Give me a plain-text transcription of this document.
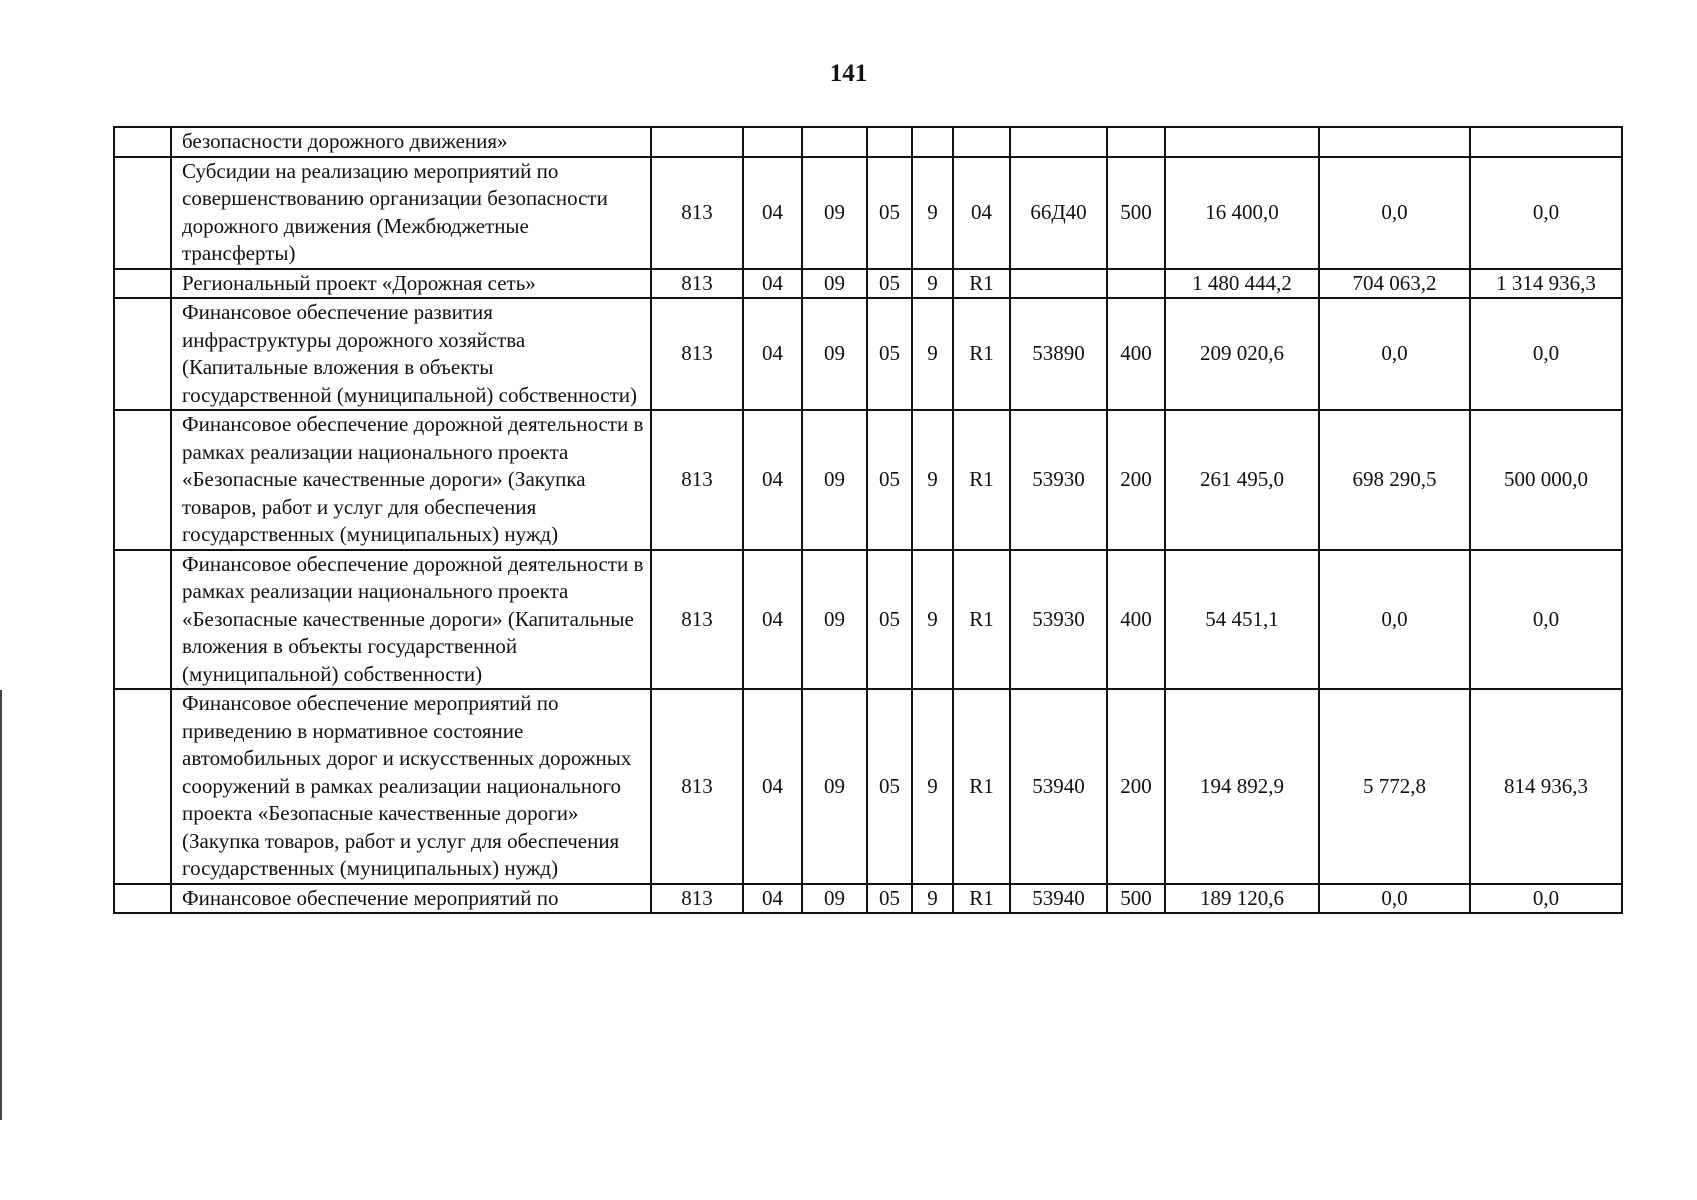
141
	безопасности дорожного движения»											
	Субсидии на реализацию мероприятий по совершенствованию организации безопасности дорожного движения (Межбюджетные трансферты)	813	04	09	05	9	04	66Д40	500	16 400,0	0,0	0,0
	Региональный проект «Дорожная сеть»	813	04	09	05	9	R1			1 480 444,2	704 063,2	1 314 936,3
	Финансовое обеспечение развития инфраструктуры дорожного хозяйства (Капитальные вложения в объекты государственной (муниципальной) собственности)	813	04	09	05	9	R1	53890	400	209 020,6	0,0	0,0
	Финансовое обеспечение дорожной деятельности в рамках реализации национального проекта «Безопасные качественные дороги» (Закупка товаров, работ и услуг для обеспечения государственных (муниципальных) нужд)	813	04	09	05	9	R1	53930	200	261 495,0	698 290,5	500 000,0
	Финансовое обеспечение дорожной деятельности в рамках реализации национального проекта «Безопасные качественные дороги» (Капитальные вложения в объекты государственной (муниципальной) собственности)	813	04	09	05	9	R1	53930	400	54 451,1	0,0	0,0
	Финансовое обеспечение мероприятий по приведению в нормативное состояние автомобильных дорог и искусственных дорожных сооружений в рамках реализации национального проекта «Безопасные качественные дороги» (Закупка товаров, работ и услуг для обеспечения государственных (муниципальных) нужд)	813	04	09	05	9	R1	53940	200	194 892,9	5 772,8	814 936,3
	Финансовое обеспечение мероприятий по	813	04	09	05	9	R1	53940	500	189 120,6	0,0	0,0
